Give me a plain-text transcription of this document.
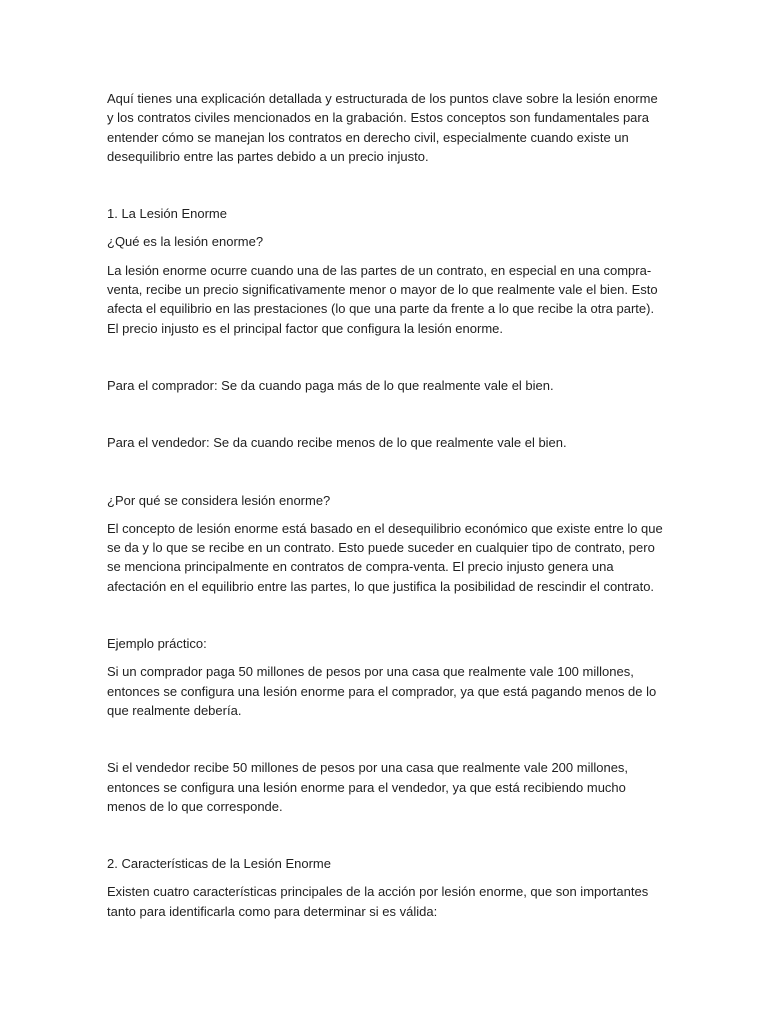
Aquí tienes una explicación detallada y estructurada de los puntos clave sobre la lesión enorme y los contratos civiles mencionados en la grabación. Estos conceptos son fundamentales para entender cómo se manejan los contratos en derecho civil, especialmente cuando existe un desequilibrio entre las partes debido a un precio injusto.

1. La Lesión Enorme

¿Qué es la lesión enorme?

La lesión enorme ocurre cuando una de las partes de un contrato, en especial en una compra-venta, recibe un precio significativamente menor o mayor de lo que realmente vale el bien. Esto afecta el equilibrio en las prestaciones (lo que una parte da frente a lo que recibe la otra parte). El precio injusto es el principal factor que configura la lesión enorme.

Para el comprador: Se da cuando paga más de lo que realmente vale el bien.

Para el vendedor: Se da cuando recibe menos de lo que realmente vale el bien.

¿Por qué se considera lesión enorme?

El concepto de lesión enorme está basado en el desequilibrio económico que existe entre lo que se da y lo que se recibe en un contrato. Esto puede suceder en cualquier tipo de contrato, pero se menciona principalmente en contratos de compra-venta. El precio injusto genera una afectación en el equilibrio entre las partes, lo que justifica la posibilidad de rescindir el contrato.

Ejemplo práctico:

Si un comprador paga 50 millones de pesos por una casa que realmente vale 100 millones, entonces se configura una lesión enorme para el comprador, ya que está pagando menos de lo que realmente debería.

Si el vendedor recibe 50 millones de pesos por una casa que realmente vale 200 millones, entonces se configura una lesión enorme para el vendedor, ya que está recibiendo mucho menos de lo que corresponde.

2. Características de la Lesión Enorme

Existen cuatro características principales de la acción por lesión enorme, que son importantes tanto para identificarla como para determinar si es válida:
